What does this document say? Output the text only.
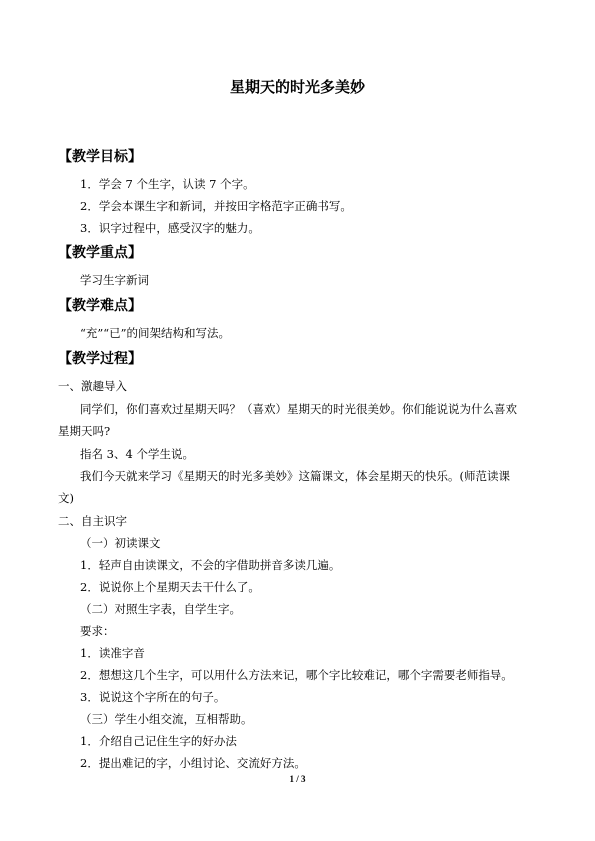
星期天的时光多美妙
【教学目标】
1．学会 7 个生字，认读 7 个字。
2．学会本课生字和新词，并按田字格范字正确书写。
3．识字过程中，感受汉字的魅力。
【教学重点】
学习生字新词
【教学难点】
“充”“已”的间架结构和写法。
【教学过程】
一、激趣导入
同学们，你们喜欢过星期天吗？（喜欢）星期天的时光很美妙。你们能说说为什么喜欢
星期天吗?
指名 3、4 个学生说。
我们今天就来学习《星期天的时光多美妙》这篇课文，体会星期天的快乐。(师范读课
文)
二、自主识字
（一）初读课文
1．轻声自由读课文，不会的字借助拼音多读几遍。
2．说说你上个星期天去干什么了。
（二）对照生字表，自学生字。
要求：
1．读准字音
2．想想这几个生字，可以用什么方法来记，哪个字比较难记，哪个字需要老师指导。
3．说说这个字所在的句子。
（三）学生小组交流，互相帮助。
1．介绍自己记住生字的好办法
2．提出难记的字，小组讨论、交流好方法。
1 / 3
